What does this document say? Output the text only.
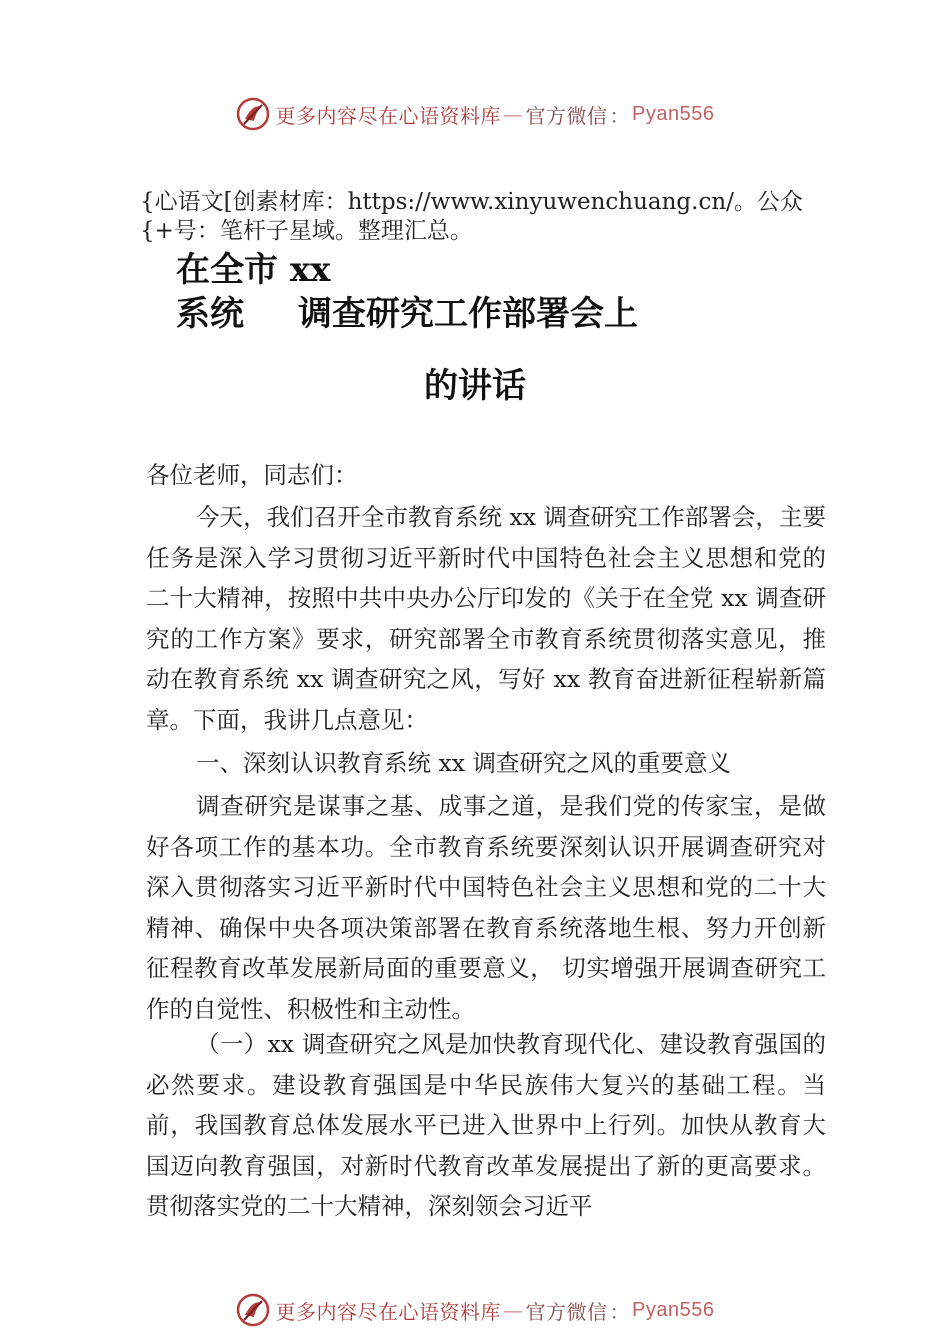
更多内容尽在心语资料库 — 官方微信 ： Pyan556
{心语文[创素材库：https://www.xinyuwenchuang.cn/。公众
{+号：笔杆子星域。整理汇总。
在全市 xx
系统 调查研究工作部署会上
的讲话
各位老师，同志们：
今天，我们召开全市教育系统 xx 调查研究工作部署会，主要任务是深入学习贯彻习近平新时代中国特色社会主义思想和党的二十大精神，按照中共中央办公厅印发的《关于在全党 xx 调查研究的工作方案》要求，研究部署全市教育系统贯彻落实意见，推动在教育系统 xx 调查研究之风，写好 xx 教育奋进新征程崭新篇章。下面，我讲几点意见：
一、深刻认识教育系统 xx 调查研究之风的重要意义
调查研究是谋事之基、成事之道，是我们党的传家宝，是做好各项工作的基本功。全市教育系统要深刻认识开展调查研究对深入贯彻落实习近平新时代中国特色社会主义思想和党的二十大精神、确保中央各项决策部署在教育系统落地生根、努力开创新征程教育改革发展新局面的重要意义， 切实增强开展调查研究工作的自觉性、积极性和主动性。
（一）xx 调查研究之风是加快教育现代化、建设教育强国的必然要求。建设教育强国是中华民族伟大复兴的基础工程。当前，我国教育总体发展水平已进入世界中上行列。加快从教育大国迈向教育强国，对新时代教育改革发展提出了新的更高要求。贯彻落实党的二十大精神，深刻领会习近平
更多内容尽在心语资料库 — 官方微信 ： Pyan556
